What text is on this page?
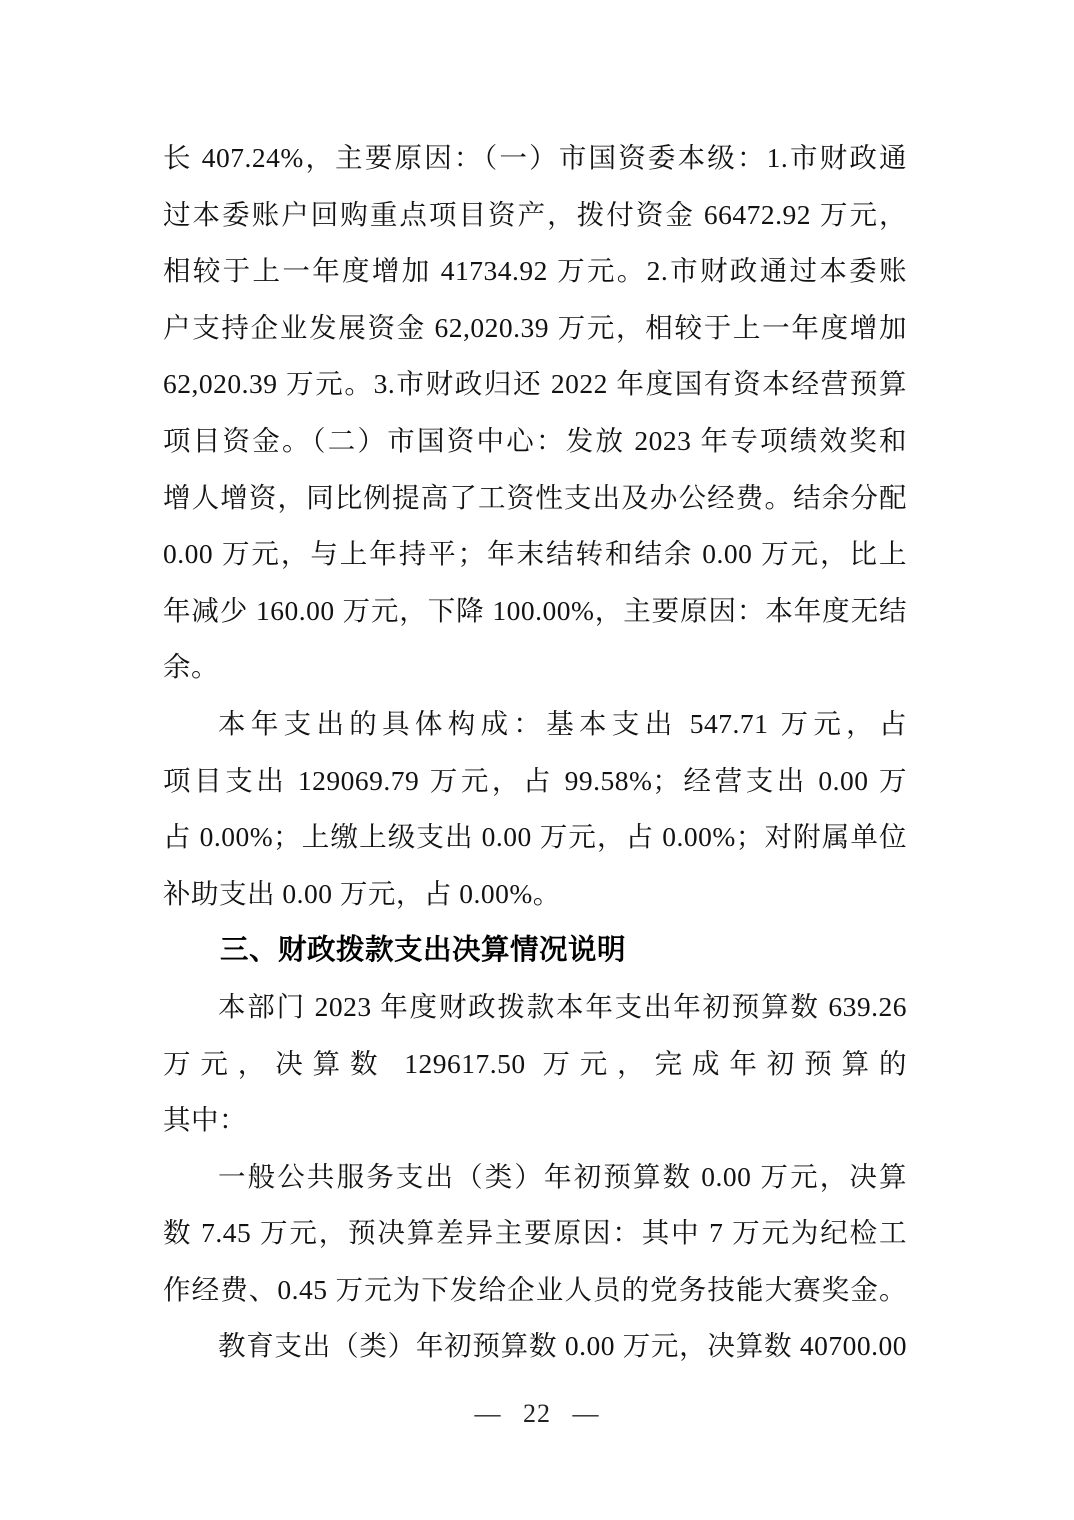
长 407.24%，主要原因：（一）市国资委本级：1.市财政通
过本委账户回购重点项目资产，拨付资金 66472.92 万元，
相较于上一年度增加 41734.92 万元。2.市财政通过本委账
户支持企业发展资金 62,020.39 万元，相较于上一年度增加
62,020.39 万元。3.市财政归还 2022 年度国有资本经营预算
项目资金。（二）市国资中心：发放 2023 年专项绩效奖和
增人增资，同比例提高了工资性支出及办公经费。结余分配
0.00 万元，与上年持平；年末结转和结余 0.00 万元，比上
年减少 160.00 万元，下降 100.00%，主要原因：本年度无结
余。
本年支出的具体构成：基本支出 547.71 万元，占
项目支出 129069.79 万元，占 99.58%；经营支出 0.00 万
占 0.00%；上缴上级支出 0.00 万元，占 0.00%；对附属单位
补助支出 0.00 万元，占 0.00%。
三、财政拨款支出决算情况说明
本部门 2023 年度财政拨款本年支出年初预算数 639.26
万元，决算数 129617.50 万元，完成年初预算的
其中：
一般公共服务支出（类）年初预算数 0.00 万元，决算
数 7.45 万元，预决算差异主要原因：其中 7 万元为纪检工
作经费、0.45 万元为下发给企业人员的党务技能大赛奖金。
教育支出（类）年初预算数 0.00 万元，决算数 40700.00
— 22 —
